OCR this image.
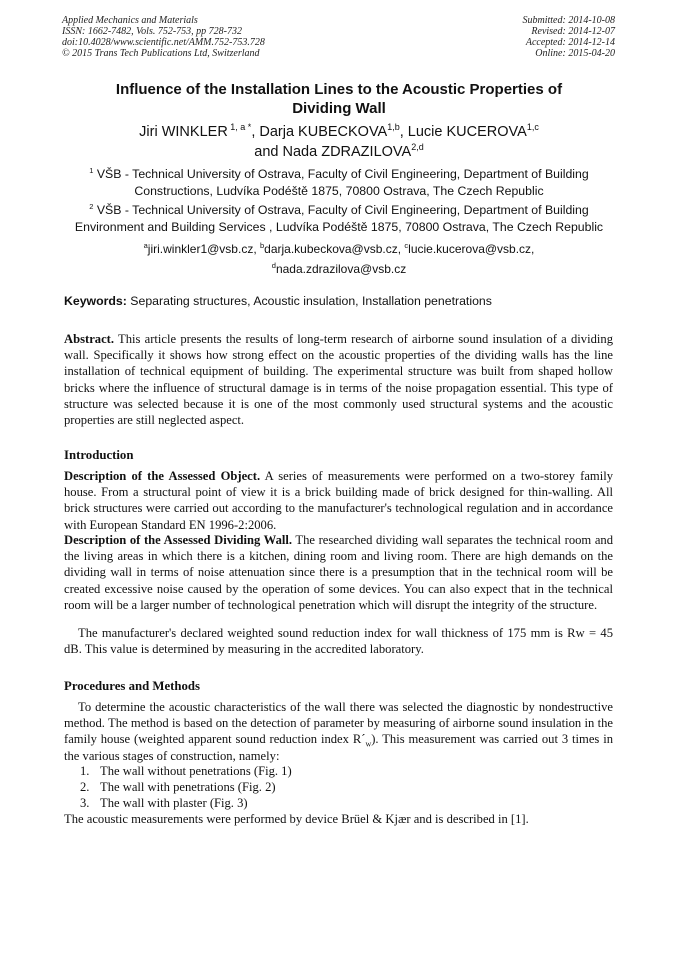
Applied Mechanics and Materials
ISSN: 1662-7482, Vols. 752-753, pp 728-732
doi:10.4028/www.scientific.net/AMM.752-753.728
© 2015 Trans Tech Publications Ltd, Switzerland
Submitted: 2014-10-08
Revised: 2014-12-07
Accepted: 2014-12-14
Online: 2015-04-20
Influence of the Installation Lines to the Acoustic Properties of
Dividing Wall
Jiri WINKLER $^{1, a *}$, Darja KUBECKOVA$^{1,b}$, Lucie KUCEROVA$^{1,c}$
and Nada ZDRAZILOVA$^{2,d}$
$^1$ VŠB - Technical University of Ostrava, Faculty of Civil Engineering, Department of Building
Constructions, Ludvíka Podéště 1875, 70800 Ostrava, The Czech Republic
$^2$ VŠB - Technical University of Ostrava, Faculty of Civil Engineering, Department of Building
Environment and Building Services , Ludvíka Podéště 1875, 70800 Ostrava, The Czech Republic
$^a$jiri.winkler1@vsb.cz, $^b$darja.kubeckova@vsb.cz, $^c$lucie.kucerova@vsb.cz,
$^d$nada.zdrazilova@vsb.cz
Keywords: Separating structures, Acoustic insulation, Installation penetrations
Abstract. This article presents the results of long-term research of airborne sound insulation of a dividing wall. Specifically it shows how strong effect on the acoustic properties of the dividing walls has the line installation of technical equipment of building. The experimental structure was built from shaped hollow bricks where the influence of structural damage is in terms of the noise propagation essential. This type of structure was selected because it is one of the most commonly used structural systems and the acoustic properties are still neglected aspect.
Introduction
Description of the Assessed Object. A series of measurements were performed on a two-storey family house. From a structural point of view it is a brick building made of brick designed for thin-walling. All brick structures were carried out according to the manufacturer's technological regulation and in accordance with European Standard EN 1996-2:2006.
Description of the Assessed Dividing Wall. The researched dividing wall separates the technical room and the living areas in which there is a kitchen, dining room and living room. There are high demands on the dividing wall in terms of noise attenuation since there is a presumption that in the technical room will be created excessive noise caused by the operation of some devices. You can also expect that in the technical room will be a larger number of technological penetration which will disrupt the integrity of the structure.
The manufacturer's declared weighted sound reduction index for wall thickness of 175 mm is Rw = 45 dB. This value is determined by measuring in the accredited laboratory.
Procedures and Methods
To determine the acoustic characteristics of the wall there was selected the diagnostic by nondestructive method. The method is based on the detection of parameter by measuring of airborne sound insulation in the family house (weighted apparent sound reduction index $R´_w$). This measurement was carried out 3 times in the various stages of construction, namely:
1. The wall without penetrations (Fig. 1)
2. The wall with penetrations (Fig. 2)
3. The wall with plaster (Fig. 3)
The acoustic measurements were performed by device Brüel & Kjær and is described in [1].
